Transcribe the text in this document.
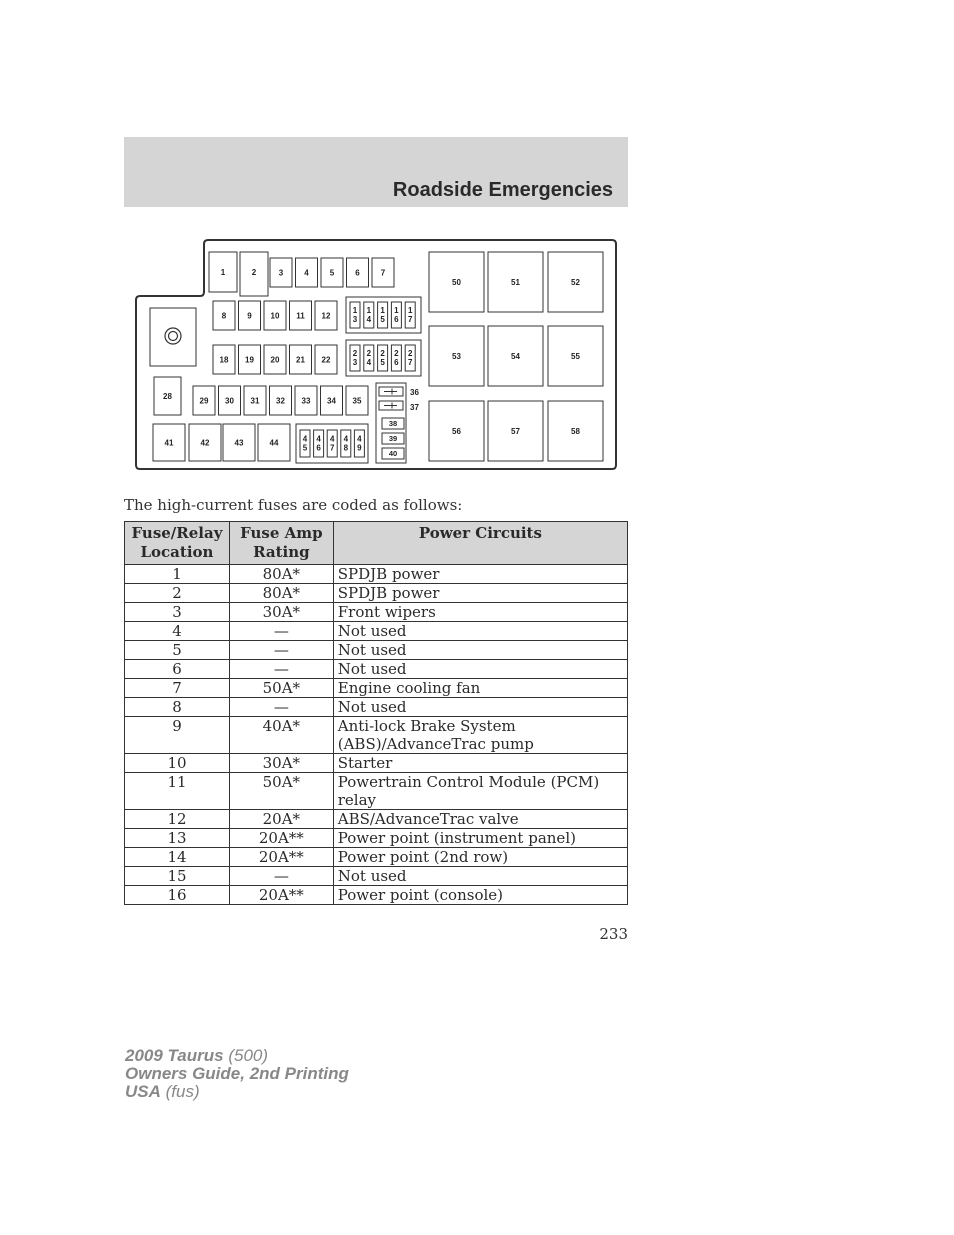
Roadside Emergencies
1	2	3	4	5	6	7
8	9 10 11 12
1 3
1 4
1 5
1 6
1 7
18 19 20 21 22
2 3
2 4
2 5
2 6
2 7
28	29 30 31 32 33 34 35
36
37
38
39
40
41	42	43	44	4 5
4 6
4 7
4 8
4 9
50	51	52
53	54	55
56	57	58
The high-current fuses are coded as follows:
Fuse/Relay Location	Fuse Amp Rating	Power Circuits
1	80A*	SPDJB power
2	80A*	SPDJB power
3	30A*	Front wipers
4	—	Not used
5	—	Not used
6	—	Not used
7	50A*	Engine cooling fan
8	—	Not used
9	40A*	Anti-lock Brake System (ABS)/AdvanceTrac pump
10	30A*	Starter
11	50A*	Powertrain Control Module (PCM) relay
12	20A*	ABS/AdvanceTrac valve
13	20A**	Power point (instrument panel)
14	20A**	Power point (2nd row)
15	—	Not used
16	20A**	Power point (console)
233
2009 Taurus (500)
Owners Guide, 2nd Printing
USA (fus)
